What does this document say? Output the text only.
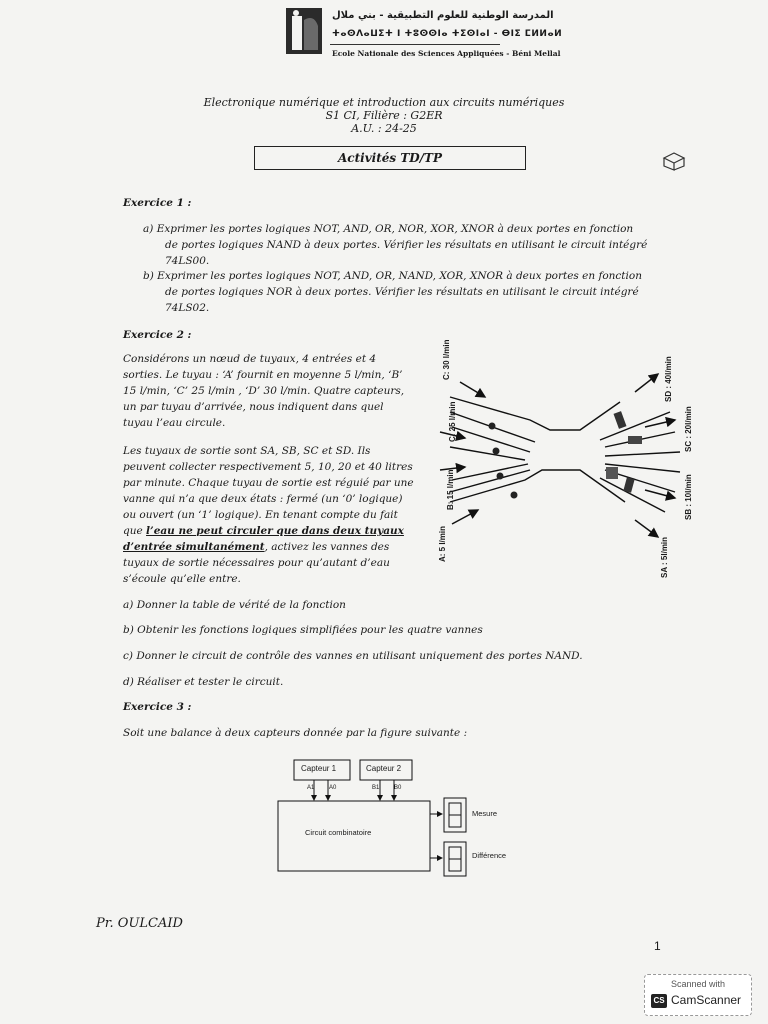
المدرسة الوطنية للعلوم التطبيقية - بني ملال
ⵜⴰⵙⴷⴰⵡⵉⵜ ⵏ ⵜⵓⵙⵙⵏⴰ ⵜⵉⵙⵏⴰⵏ - ⴱⵏⵉ ⵎⵍⵍⴰⵍ
Ecole Nationale des Sciences Appliquées - Béni Mellal
Electronique numérique et introduction aux circuits numériques
S1 CI, Filière : G2ER
A.U. : 24-25
Activités TD/TP
Exercice 1 :
a) Exprimer les portes logiques NOT, AND, OR, NOR, XOR, XNOR à deux portes en fonction
de portes logiques NAND à deux portes. Vérifier les résultats en utilisant le circuit intégré
74LS00.
b) Exprimer les portes logiques NOT, AND, OR, NAND, XOR, XNOR à deux portes en fonction
de portes logiques NOR à deux portes. Vérifier les résultats en utilisant le circuit intégré
74LS02.
Exercice 2 :
Considérons un nœud de tuyaux, 4 entrées et 4
sorties. Le tuyau : ‘A’ fournit en moyenne 5 l/min, ‘B’
15 l/min, ‘C’ 25 l/min , ‘D’ 30 l/min. Quatre capteurs,
un par tuyau d’arrivée, nous indiquent dans quel
tuyau l’eau circule.
Les tuyaux de sortie sont SA, SB, SC et SD. Ils
peuvent collecter respectivement 5, 10, 20 et 40 litres
par minute. Chaque tuyau de sortie est réguié par une
vanne qui n’a que deux états : fermé (un ‘0’ logique)
ou ouvert (un ‘1’ logique). En tenant compte du fait
que l’eau ne peut circuler que dans deux tuyaux
d’entrée simultanément, activez les vannes des
tuyaux de sortie nécessaires pour qu’autant d’eau
s’écoule qu’elle entre.
C: 30 l/min
C: 25 l/min
B: 15 l/min
A: 5 l/min
SD : 40l/min
SC : 20l/min
SB : 10l/min
SA : 5l/min
a) Donner la table de vérité de la fonction
b) Obtenir les fonctions logiques simplifiées pour les quatre vannes
c) Donner le circuit de contrôle des vannes en utilisant uniquement des portes NAND.
d) Réaliser et tester le circuit.
Exercice 3 :
Soit une balance à deux capteurs donnée par la figure suivante :
Capteur 1	Capteur 2
A1 A0	B1 B0
Circuit combinatoire
Mesure
Différence
Pr. OULCAID
1
Scanned with
CS CamScanner
